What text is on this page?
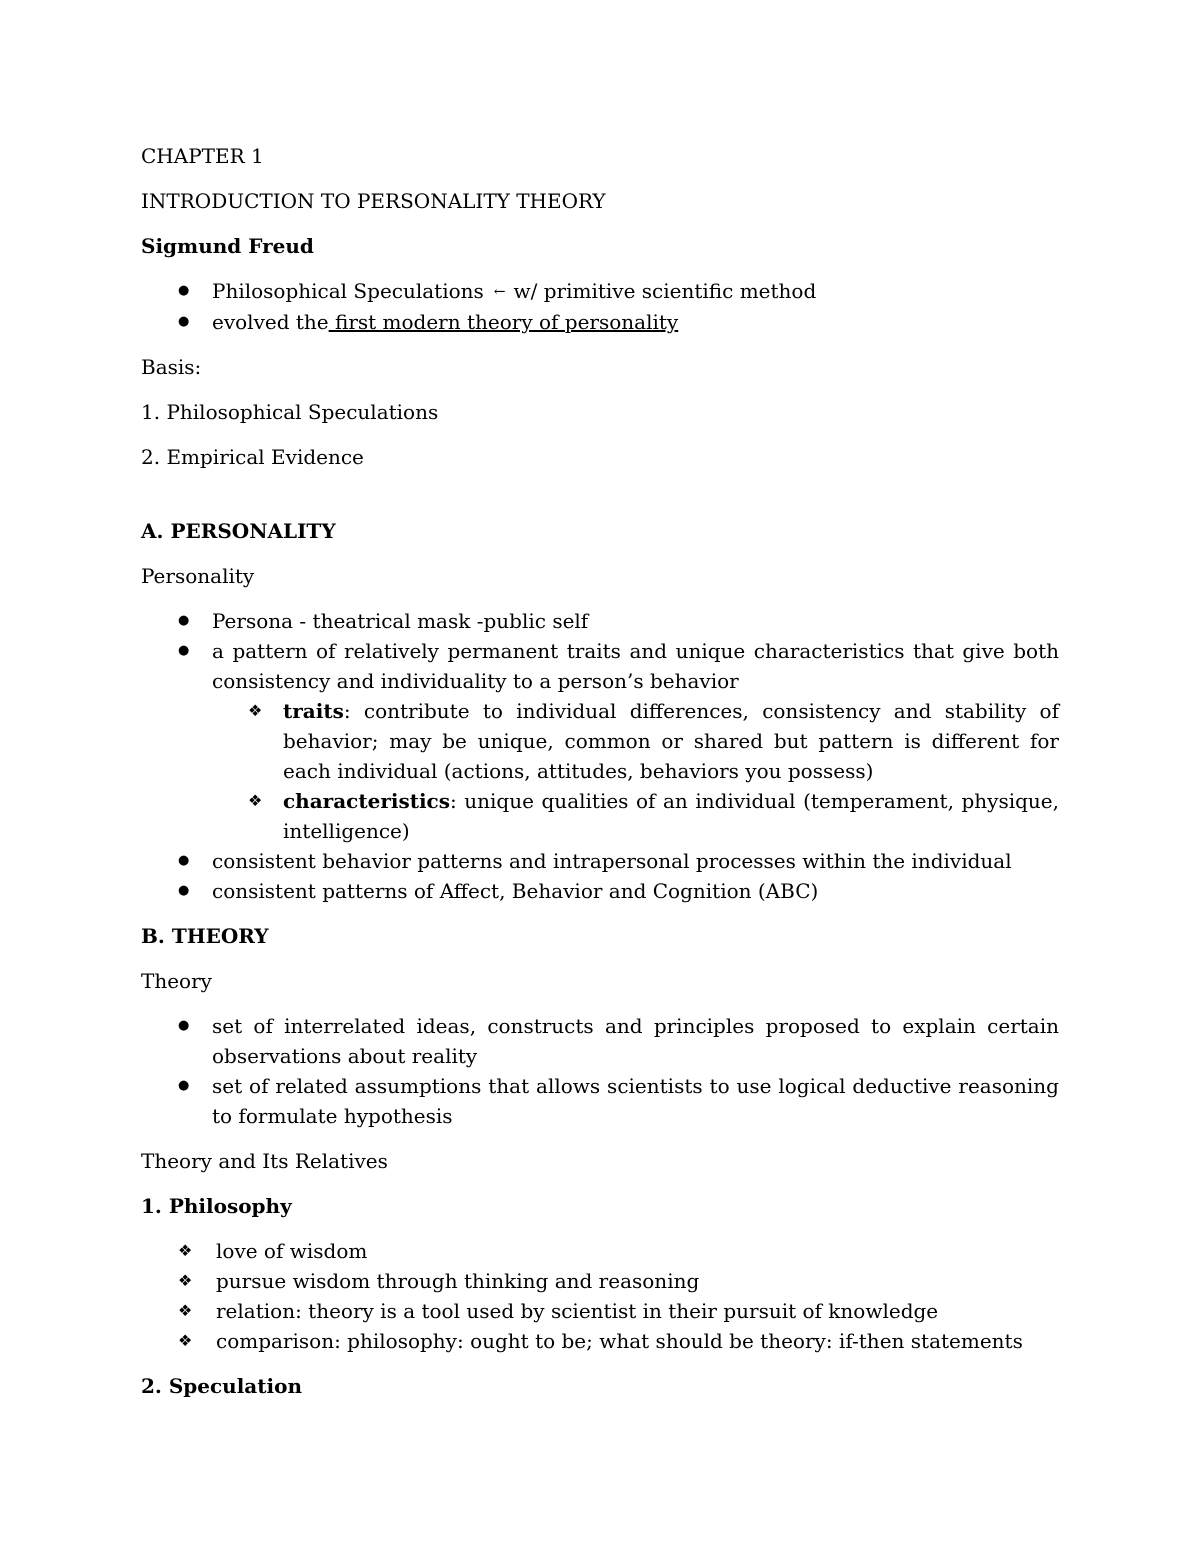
CHAPTER 1

INTRODUCTION TO PERSONALITY THEORY

Sigmund Freud

●	Philosophical Speculations ← w/ primitive scientific method
●	evolved the first modern theory of personality

Basis:

1. Philosophical Speculations

2. Empirical Evidence

A. PERSONALITY

Personality

●	Persona - theatrical mask -public self
●	a pattern of relatively permanent traits and unique characteristics that give both consistency and individuality to a person’s behavior
❖ traits: contribute to individual differences, consistency and stability of behavior; may be unique, common or shared but pattern is different for each individual (actions, attitudes, behaviors you possess)
❖ characteristics: unique qualities of an individual (temperament, physique, intelligence)
●	consistent behavior patterns and intrapersonal processes within the individual
●	consistent patterns of Affect, Behavior and Cognition (ABC)

B. THEORY

Theory

●	set of interrelated ideas, constructs and principles proposed to explain certain observations about reality
●	set of related assumptions that allows scientists to use logical deductive reasoning to formulate hypothesis

Theory and Its Relatives

1. Philosophy

❖ love of wisdom
❖ pursue wisdom through thinking and reasoning
❖ relation: theory is a tool used by scientist in their pursuit of knowledge
❖ comparison: philosophy: ought to be; what should be theory: if-then statements

2. Speculation
